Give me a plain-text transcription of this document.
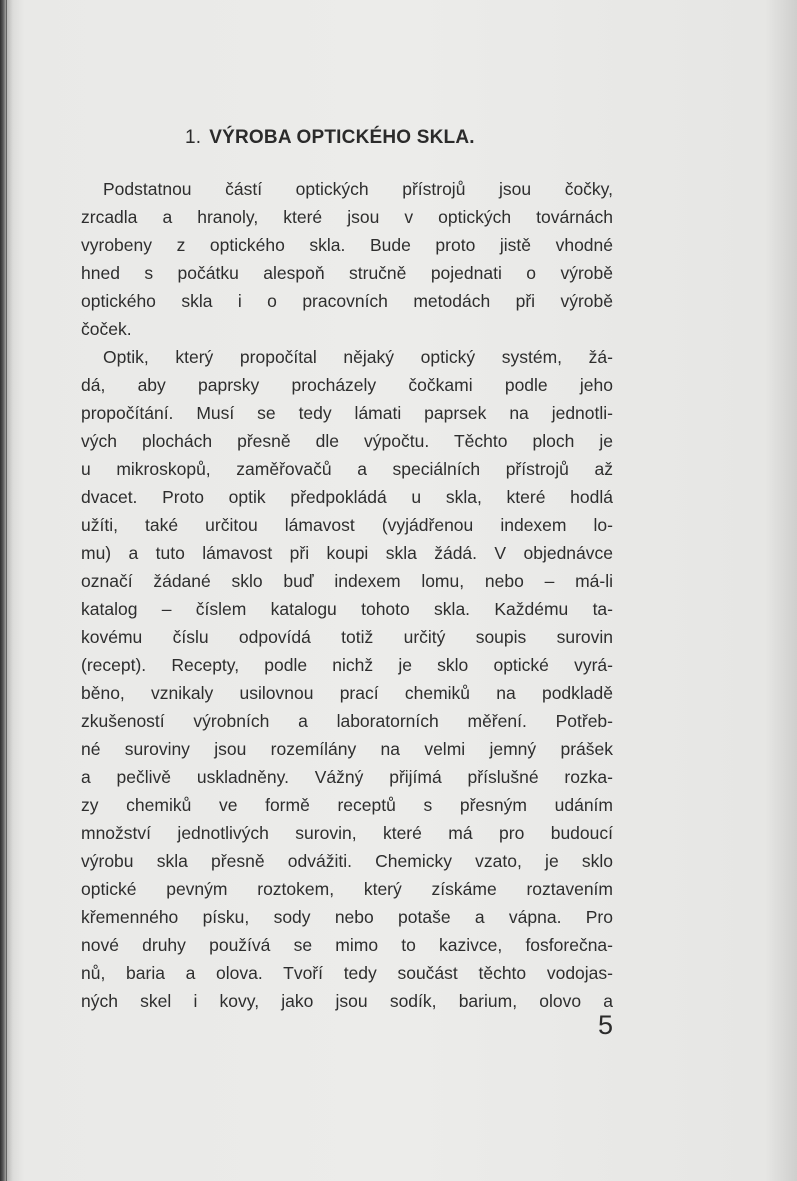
1. VÝROBA OPTICKÉHO SKLA.
Podstatnou částí optických přístrojů jsou čočky,
zrcadla a hranoly, které jsou v optických továrnách
vyrobeny z optického skla. Bude proto jistě vhodné
hned s počátku alespoň stručně pojednati o výrobě
optického skla i o pracovních metodách při výrobě
čoček.
Optik, který propočítal nějaký optický systém, žá-
dá, aby paprsky procházely čočkami podle jeho
propočítání. Musí se tedy lámati paprsek na jednotli-
vých plochách přesně dle výpočtu. Těchto ploch je
u mikroskopů, zaměřovačů a speciálních přístrojů až
dvacet. Proto optik předpokládá u skla, které hodlá
užíti, také určitou lámavost (vyjádřenou indexem lo-
mu) a tuto lámavost při koupi skla žádá. V objednávce
označí žádané sklo buď indexem lomu, nebo – má-li
katalog – číslem katalogu tohoto skla. Každému ta-
kovému číslu odpovídá totiž určitý soupis surovin
(recept). Recepty, podle nichž je sklo optické vyrá-
běno, vznikaly usilovnou prací chemiků na podkladě
zkušeností výrobních a laboratorních měření. Potřeb-
né suroviny jsou rozemílány na velmi jemný prášek
a pečlivě uskladněny. Vážný přijímá příslušné rozka-
zy chemiků ve formě receptů s přesným udáním
množství jednotlivých surovin, které má pro budoucí
výrobu skla přesně odvážiti. Chemicky vzato, je sklo
optické pevným roztokem, který získáme roztavením
křemenného písku, sody nebo potaše a vápna. Pro
nové druhy používá se mimo to kazivce, fosforečna-
nů, baria a olova. Tvoří tedy součást těchto vodojas-
ných skel i kovy, jako jsou sodík, barium, olovo a
5
